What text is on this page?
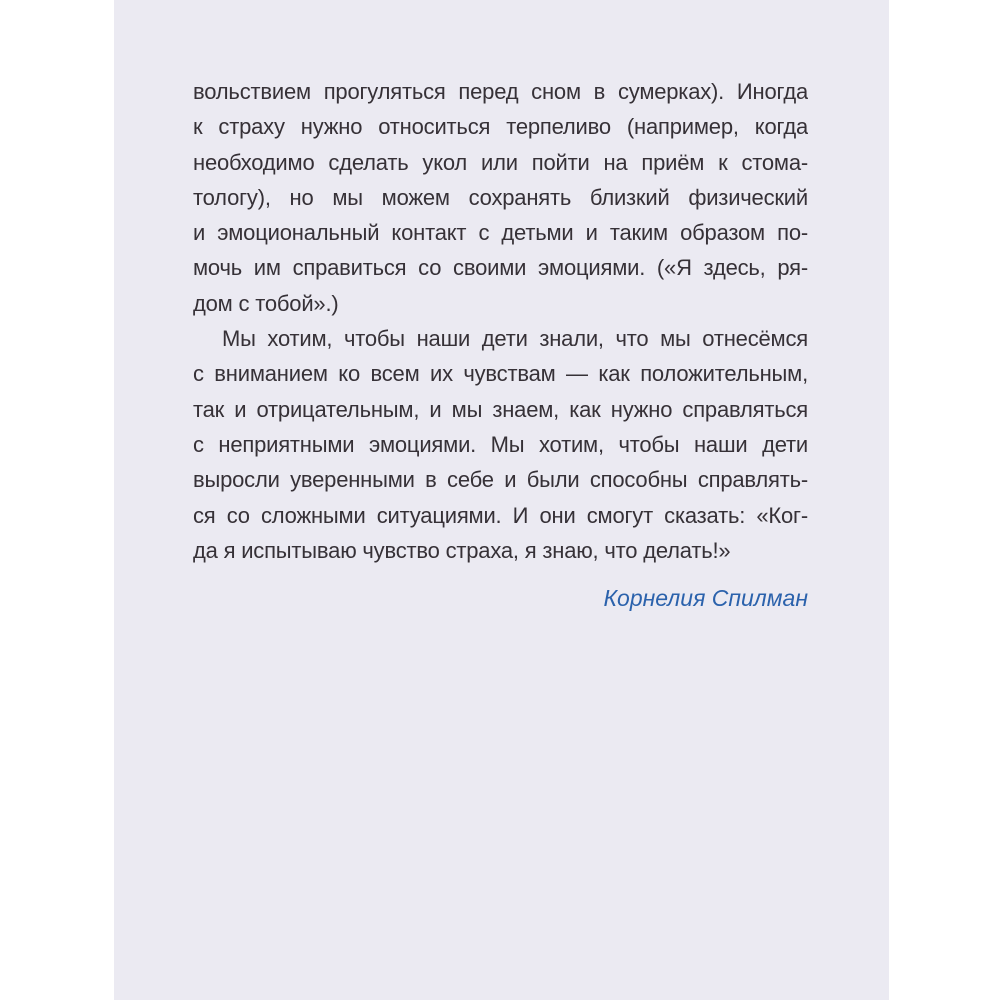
вольствием прогуляться перед сном в сумерках). Иногда
к страху нужно относиться терпеливо (например, когда
необходимо сделать укол или пойти на приём к стома-
тологу), но мы можем сохранять близкий физический
и эмоциональный контакт с детьми и таким образом по-
мочь им справиться со своими эмоциями. («Я здесь, ря-
дом с тобой».)
Мы хотим, чтобы наши дети знали, что мы отнесёмся
с вниманием ко всем их чувствам — как положительным,
так и отрицательным, и мы знаем, как нужно справляться
с неприятными эмоциями. Мы хотим, чтобы наши дети
выросли уверенными в себе и были способны справлять-
ся со сложными ситуациями. И они смогут сказать: «Ког-
да я испытываю чувство страха, я знаю, что делать!»
Корнелия Спилман
